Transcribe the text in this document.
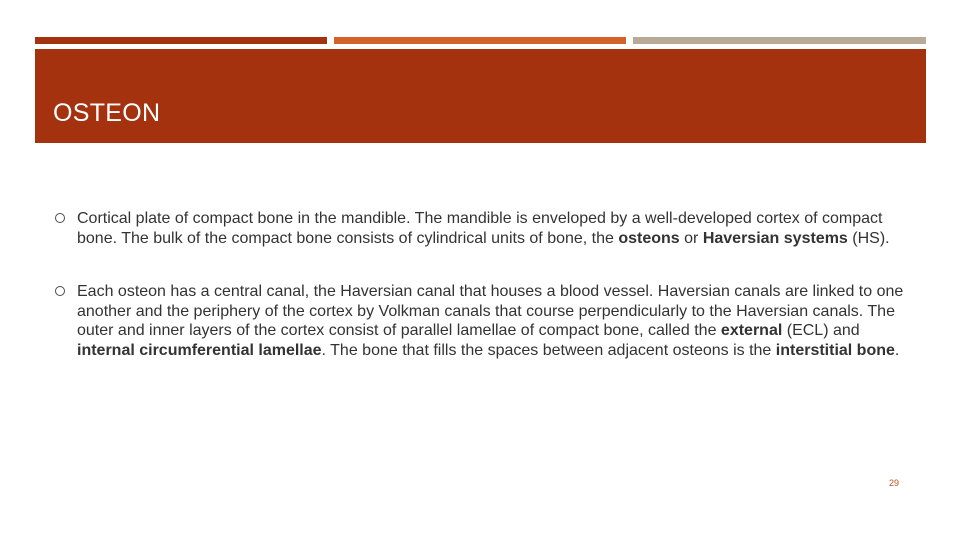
OSTEON
Cortical plate of compact bone in the mandible. The mandible is enveloped by a well-developed cortex of compact bone. The bulk of the compact bone consists of cylindrical units of bone, the osteons or Haversian systems (HS).
Each osteon has a central canal, the Haversian canal that houses a blood vessel. Haversian canals are linked to one another and the periphery of the cortex by Volkman canals that course perpendicularly to the Haversian canals. The outer and inner layers of the cortex consist of parallel lamellae of compact bone, called the external (ECL) and internal circumferential lamellae. The bone that fills the spaces between adjacent osteons is the interstitial bone.
29
